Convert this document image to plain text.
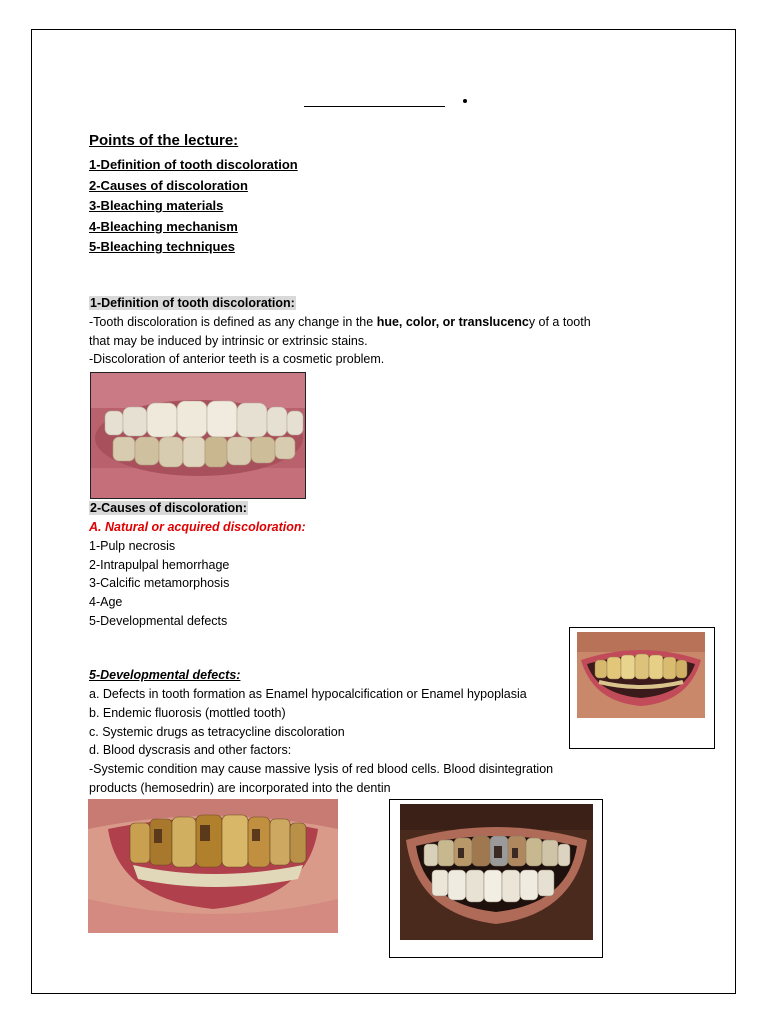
Points of the lecture:
1-Definition of tooth discoloration
2-Causes of discoloration
3-Bleaching materials
4-Bleaching mechanism
5-Bleaching techniques
1-Definition of tooth discoloration:
-Tooth discoloration is defined as any change in the hue, color, or translucency of a tooth
that may be induced by intrinsic or extrinsic stains.
-Discoloration of anterior teeth is a cosmetic problem.
2-Causes of discoloration:
A. Natural or acquired discoloration:
1-Pulp necrosis
2-Intrapulpal hemorrhage
3-Calcific metamorphosis
4-Age
5-Developmental defects
5-Developmental defects:
a. Defects in tooth formation as Enamel hypocalcification or Enamel hypoplasia
b. Endemic fluorosis (mottled tooth)
c. Systemic drugs as tetracycline discoloration
d. Blood dyscrasis and other factors:
-Systemic condition may cause massive lysis of red blood cells. Blood disintegration
products (hemosedrin) are incorporated into the dentin
